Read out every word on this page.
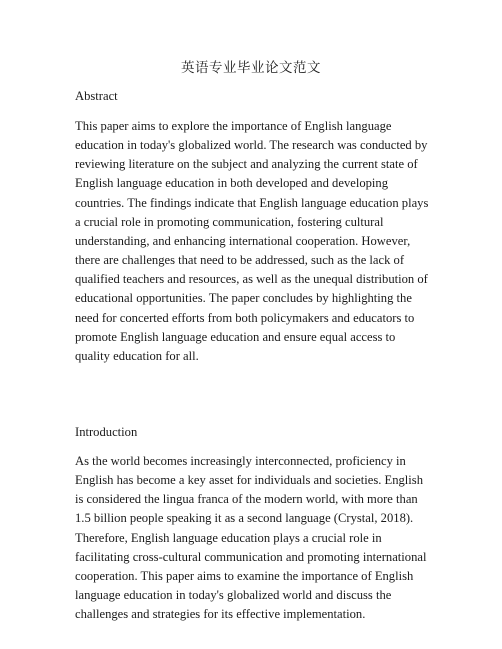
英语专业毕业论文范文
Abstract

This paper aims to explore the importance of English language education in today's globalized world. The research was conducted by reviewing literature on the subject and analyzing the current state of English language education in both developed and developing countries. The findings indicate that English language education plays a crucial role in promoting communication, fostering cultural understanding, and enhancing international cooperation. However, there are challenges that need to be addressed, such as the lack of qualified teachers and resources, as well as the unequal distribution of educational opportunities. The paper concludes by highlighting the need for concerted efforts from both policymakers and educators to promote English language education and ensure equal access to quality education for all.

Introduction

As the world becomes increasingly interconnected, proficiency in English has become a key asset for individuals and societies. English is considered the lingua franca of the modern world, with more than 1.5 billion people speaking it as a second language (Crystal, 2018). Therefore, English language education plays a crucial role in facilitating cross-cultural communication and promoting international cooperation. This paper aims to examine the importance of English language education in today's globalized world and discuss the challenges and strategies for its effective implementation.
